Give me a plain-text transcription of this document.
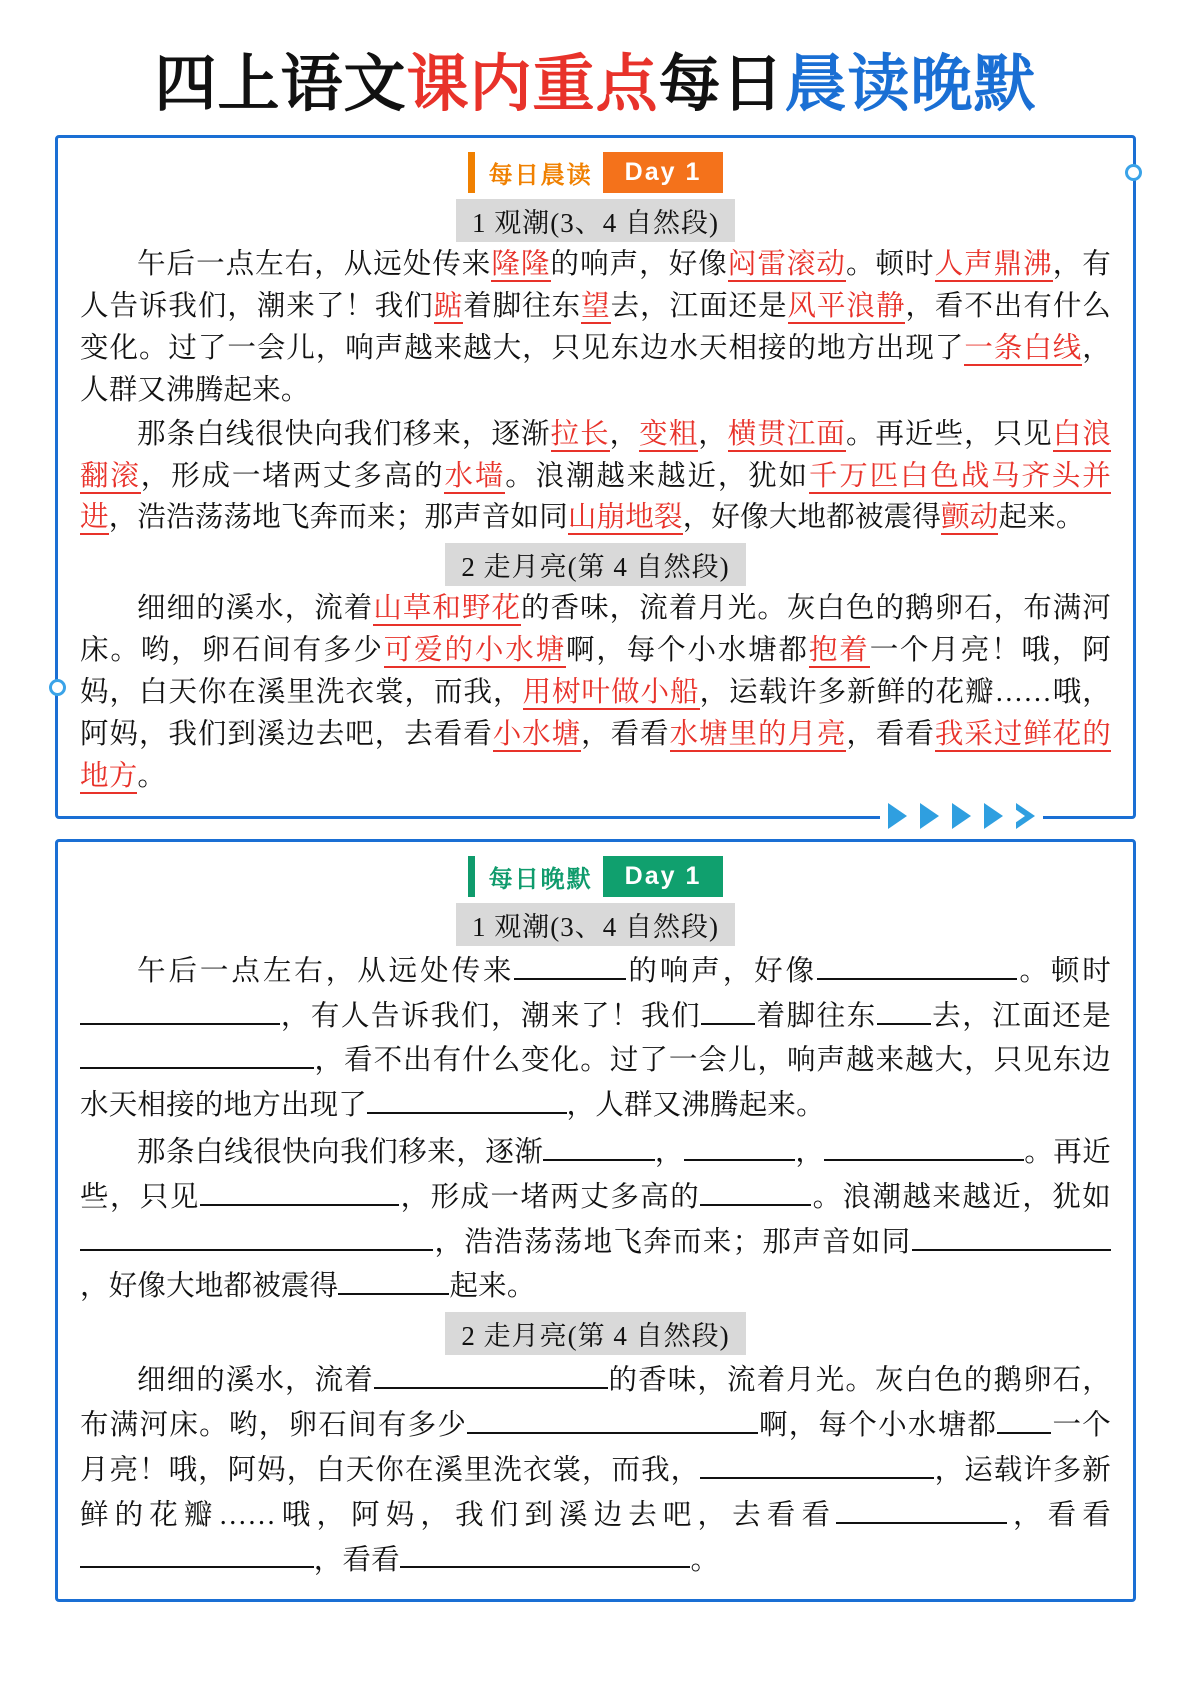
四上语文课内重点每日晨读晚默
每日晨读	Day 1
1 观潮(3、4 自然段)

午后一点左右，从远处传来隆隆的响声，好像闷雷滚动。顿时人声鼎沸，有人告诉我们，潮来了！我们踮着脚往东望去，江面还是风平浪静，看不出有什么变化。过了一会儿，响声越来越大，只见东边水天相接的地方出现了一条白线，人群又沸腾起来。

那条白线很快向我们移来，逐渐拉长，变粗，横贯江面。再近些，只见白浪翻滚，形成一堵两丈多高的水墙。浪潮越来越近，犹如千万匹白色战马齐头并进，浩浩荡荡地飞奔而来；那声音如同山崩地裂，好像大地都被震得颤动起来。

2 走月亮(第 4 自然段)

细细的溪水，流着山草和野花的香味，流着月光。灰白色的鹅卵石，布满河床。哟，卵石间有多少可爱的小水塘啊，每个小水塘都抱着一个月亮！哦，阿妈，白天你在溪里洗衣裳，而我，用树叶做小船，运载许多新鲜的花瓣……哦，阿妈，我们到溪边去吧，去看看小水塘，看看水塘里的月亮，看看我采过鲜花的地方。

每日晚默	Day 1
1 观潮(3、4 自然段)

午后一点左右，从远处传来	的响声，好像	。顿时，有人告诉我们，潮来了！我们 着脚往东 去，江面还是，看不出有什么变化。过了一会儿，响声越来越大，只见东边水天相接的地方出现了	，人群又沸腾起来。

那条白线很快向我们移来，逐渐	，	，	。再近些，只见	，形成一堵两丈多高的	。浪潮越来越近，犹如，浩浩荡荡地飞奔而来；那声音如同，好像大地都被震得	起来。

2 走月亮(第 4 自然段)

细细的溪水，流着	的香味，流着月光。灰白色的鹅卵石，布满河床。哟，卵石间有多少	啊，每个小水塘都 一个月亮！哦，阿妈，白天你在溪里洗衣裳，而我，	，运载许多新鲜的花瓣……哦，阿妈，我们到溪边去吧，去看看	，看看，看看	。
